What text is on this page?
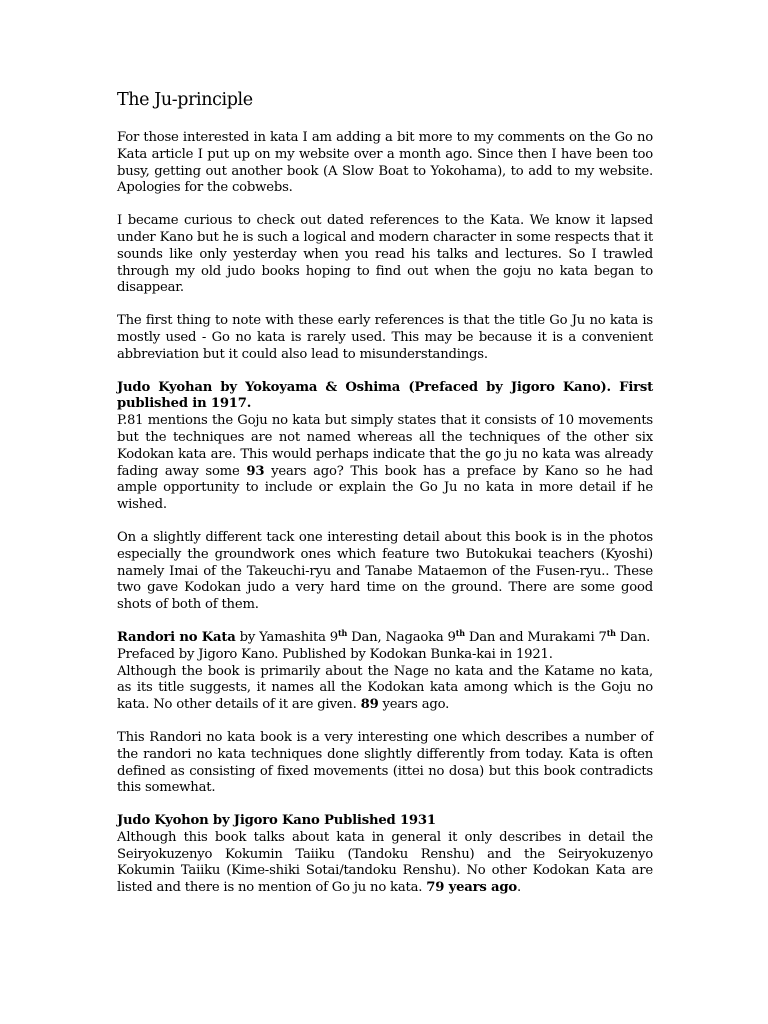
The Ju-principle

For those interested in kata I am adding a bit more to my comments on the Go no Kata article I put up on my website over a month ago. Since then I have been too busy, getting out another book (A Slow Boat to Yokohama), to add to my website. Apologies for the cobwebs.

I became curious to check out dated references to the Kata. We know it lapsed under Kano but he is such a logical and modern character in some respects that it sounds like only yesterday when you read his talks and lectures. So I trawled through my old judo books hoping to find out when the goju no kata began to disappear.

The first thing to note with these early references is that the title Go Ju no kata is mostly used - Go no kata is rarely used. This may be because it is a convenient abbreviation but it could also lead to misunderstandings.

Judo Kyohan by Yokoyama & Oshima (Prefaced by Jigoro Kano). First published in 1917.
P.81 mentions the Goju no kata but simply states that it consists of 10 movements but the techniques are not named whereas all the techniques of the other six Kodokan kata are. This would perhaps indicate that the go ju no kata was already fading away some 93 years ago? This book has a preface by Kano so he had ample opportunity to include or explain the Go Ju no kata in more detail if he wished.

On a slightly different tack one interesting detail about this book is in the photos especially the groundwork ones which feature two Butokukai teachers (Kyoshi) namely Imai of the Takeuchi-ryu and Tanabe Mataemon of the Fusen-ryu.. These two gave Kodokan judo a very hard time on the ground. There are some good shots of both of them.

Randori no Kata by Yamashita 9th Dan, Nagaoka 9th Dan and Murakami 7th Dan.
Prefaced by Jigoro Kano. Published by Kodokan Bunka-kai in 1921.
Although the book is primarily about the Nage no kata and the Katame no kata, as its title suggests, it names all the Kodokan kata among which is the Goju no kata. No other details of it are given. 89 years ago.

This Randori no kata book is a very interesting one which describes a number of the randori no kata techniques done slightly differently from today. Kata is often defined as consisting of fixed movements (ittei no dosa) but this book contradicts this somewhat.

Judo Kyohon by Jigoro Kano Published 1931
Although this book talks about kata in general it only describes in detail the Seiryokuzenyo Kokumin Taiiku (Tandoku Renshu) and the Seiryokuzenyo Kokumin Taiiku (Kime-shiki Sotai/tandoku Renshu). No other Kodokan Kata are listed and there is no mention of Go ju no kata. 79 years ago.
